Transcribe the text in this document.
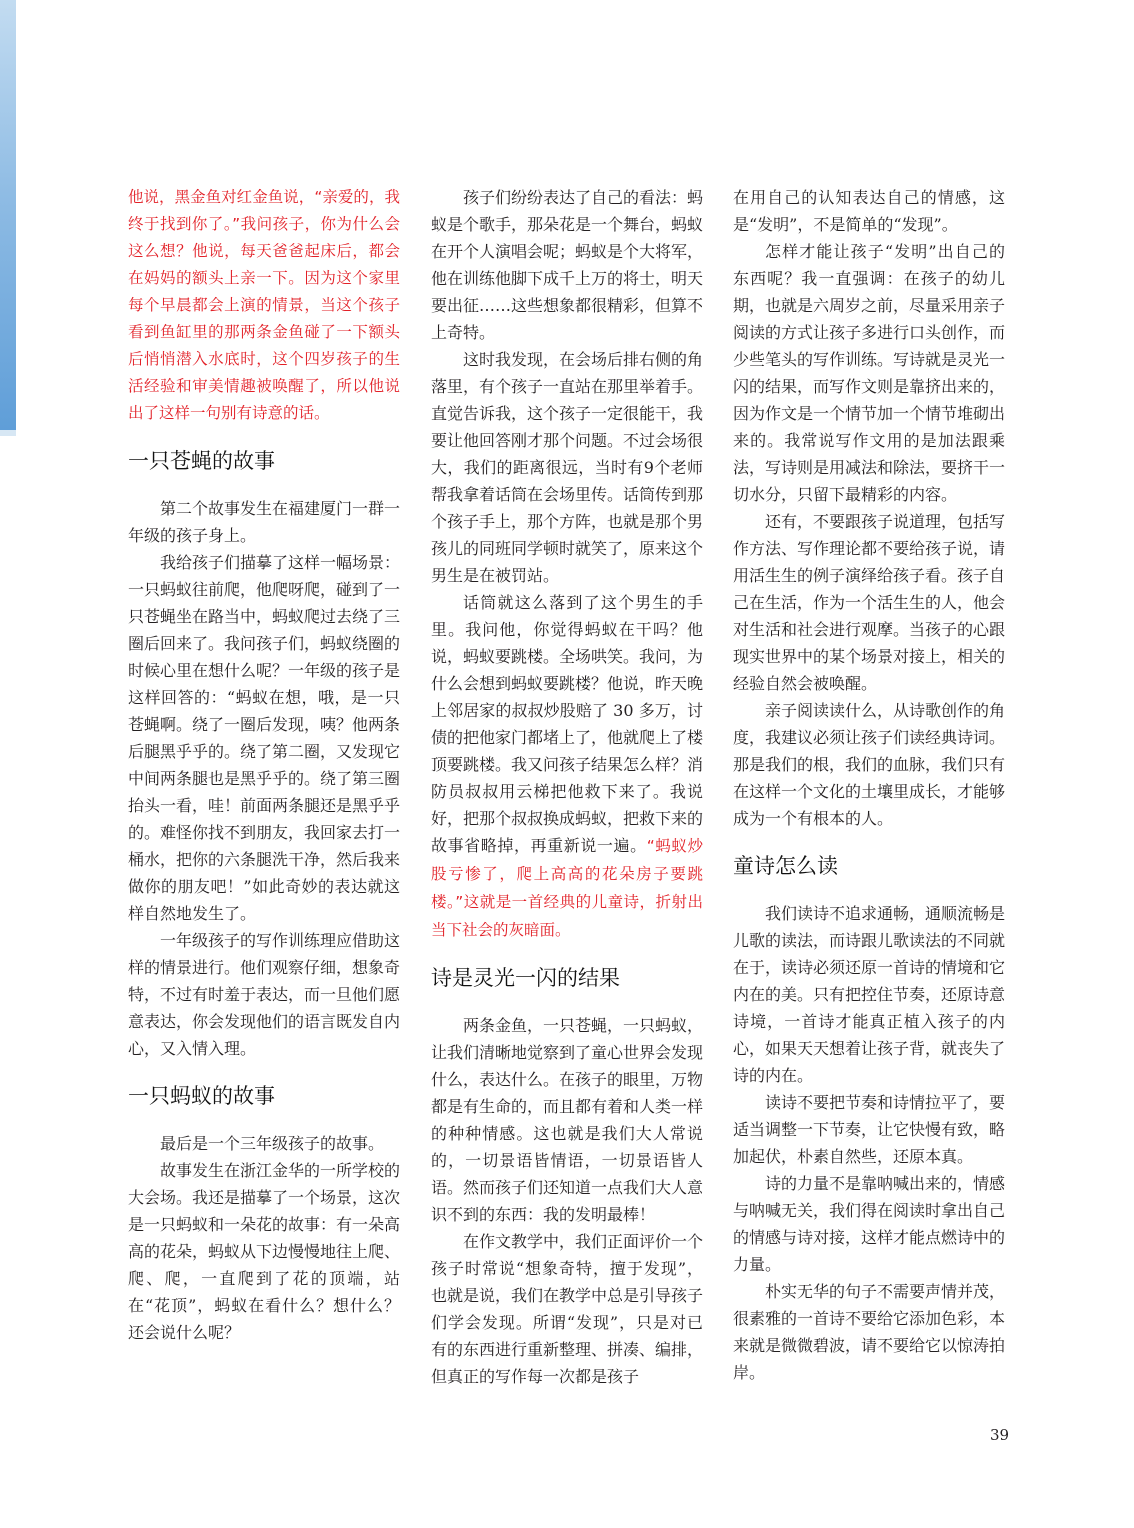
他说，黑金鱼对红金鱼说，“亲爱的，我终于找到你了。”我问孩子，你为什么会这么想？他说，每天爸爸起床后，都会在妈妈的额头上亲一下。因为这个家里每个早晨都会上演的情景，当这个孩子看到鱼缸里的那两条金鱼碰了一下额头后悄悄潜入水底时，这个四岁孩子的生活经验和审美情趣被唤醒了，所以他说出了这样一句别有诗意的话。

一只苍蝇的故事

第二个故事发生在福建厦门一群一年级的孩子身上。

我给孩子们描摹了这样一幅场景：一只蚂蚁往前爬，他爬呀爬，碰到了一只苍蝇坐在路当中，蚂蚁爬过去绕了三圈后回来了。我问孩子们，蚂蚁绕圈的时候心里在想什么呢？一年级的孩子是这样回答的：“蚂蚁在想，哦，是一只苍蝇啊。绕了一圈后发现，咦？他两条后腿黑乎乎的。绕了第二圈，又发现它中间两条腿也是黑乎乎的。绕了第三圈抬头一看，哇！前面两条腿还是黑乎乎的。难怪你找不到朋友，我回家去打一桶水，把你的六条腿洗干净，然后我来做你的朋友吧！”如此奇妙的表达就这样自然地发生了。

一年级孩子的写作训练理应借助这样的情景进行。他们观察仔细，想象奇特，不过有时羞于表达，而一旦他们愿意表达，你会发现他们的语言既发自内心，又入情入理。

一只蚂蚁的故事

最后是一个三年级孩子的故事。

故事发生在浙江金华的一所学校的大会场。我还是描摹了一个场景，这次是一只蚂蚁和一朵花的故事：有一朵高高的花朵，蚂蚁从下边慢慢地往上爬、爬、爬，一直爬到了花的顶端，站在“花顶”，蚂蚁在看什么？想什么？还会说什么呢？

孩子们纷纷表达了自己的看法：蚂蚁是个歌手，那朵花是一个舞台，蚂蚁在开个人演唱会呢；蚂蚁是个大将军，他在训练他脚下成千上万的将士，明天要出征……这些想象都很精彩，但算不上奇特。

这时我发现，在会场后排右侧的角落里，有个孩子一直站在那里举着手。直觉告诉我，这个孩子一定很能干，我要让他回答刚才那个问题。不过会场很大，我们的距离很远，当时有9个老师帮我拿着话筒在会场里传。话筒传到那个孩子手上，那个方阵，也就是那个男孩儿的同班同学顿时就笑了，原来这个男生是在被罚站。

话筒就这么落到了这个男生的手里。我问他，你觉得蚂蚁在干吗？他说，蚂蚁要跳楼。全场哄笑。我问，为什么会想到蚂蚁要跳楼？他说，昨天晚上邻居家的叔叔炒股赔了 30 多万，讨债的把他家门都堵上了，他就爬上了楼顶要跳楼。我又问孩子结果怎么样？消防员叔叔用云梯把他救下来了。我说好，把那个叔叔换成蚂蚁，把救下来的故事省略掉，再重新说一遍。“蚂蚁炒股亏惨了，爬上高高的花朵房子要跳楼。”这就是一首经典的儿童诗，折射出当下社会的灰暗面。

诗是灵光一闪的结果

两条金鱼，一只苍蝇，一只蚂蚁，让我们清晰地觉察到了童心世界会发现什么，表达什么。在孩子的眼里，万物都是有生命的，而且都有着和人类一样的种种情感。这也就是我们大人常说的，一切景语皆情语，一切景语皆人语。然而孩子们还知道一点我们大人意识不到的东西：我的发明最棒！

在作文教学中，我们正面评价一个孩子时常说“想象奇特，擅于发现”，也就是说，我们在教学中总是引导孩子们学会发现。所谓“发现”，只是对已有的东西进行重新整理、拼凑、编排，但真正的写作每一次都是孩子

在用自己的认知表达自己的情感，这是“发明”，不是简单的“发现”。

怎样才能让孩子“发明”出自己的东西呢？我一直强调：在孩子的幼儿期，也就是六周岁之前，尽量采用亲子阅读的方式让孩子多进行口头创作，而少些笔头的写作训练。写诗就是灵光一闪的结果，而写作文则是靠挤出来的，因为作文是一个情节加一个情节堆砌出来的。我常说写作文用的是加法跟乘法，写诗则是用减法和除法，要挤干一切水分，只留下最精彩的内容。

还有，不要跟孩子说道理，包括写作方法、写作理论都不要给孩子说，请用活生生的例子演绎给孩子看。孩子自己在生活，作为一个活生生的人，他会对生活和社会进行观摩。当孩子的心跟现实世界中的某个场景对接上，相关的经验自然会被唤醒。

亲子阅读读什么，从诗歌创作的角度，我建议必须让孩子们读经典诗词。那是我们的根，我们的血脉，我们只有在这样一个文化的土壤里成长，才能够成为一个有根本的人。

童诗怎么读

我们读诗不追求通畅，通顺流畅是儿歌的读法，而诗跟儿歌读法的不同就在于，读诗必须还原一首诗的情境和它内在的美。只有把控住节奏，还原诗意诗境，一首诗才能真正植入孩子的内心，如果天天想着让孩子背，就丧失了诗的内在。

读诗不要把节奏和诗情拉平了，要适当调整一下节奏，让它快慢有致，略加起伏，朴素自然些，还原本真。

诗的力量不是靠呐喊出来的，情感与呐喊无关，我们得在阅读时拿出自己的情感与诗对接，这样才能点燃诗中的力量。

朴实无华的句子不需要声情并茂，很素雅的一首诗不要给它添加色彩，本来就是微微碧波，请不要给它以惊涛拍岸。

39
